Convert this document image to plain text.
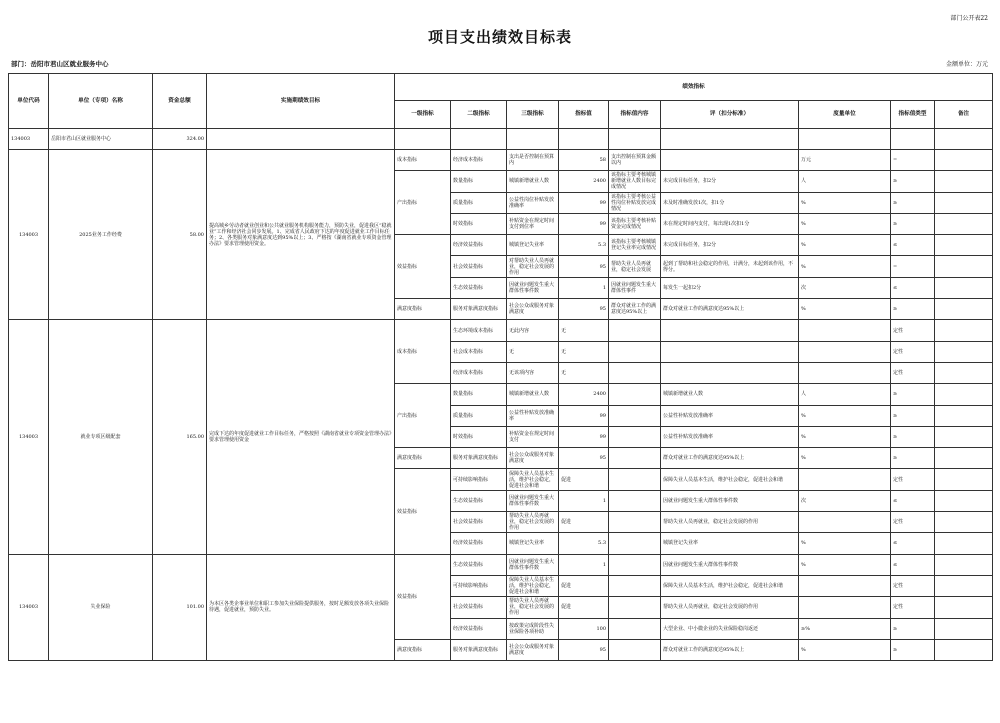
部门公开表22
项目支出绩效目标表
部门：岳阳市君山区就业服务中心	金额单位：万元
单位代码	单位（专项）名称	资金总额	实施期绩效目标	绩效指标								
				一级指标	二级指标	三级指标	指标值	指标值内容	评（扣分标准）	度量单位	指标值类型	备注
134003	岳阳市君山区就业服务中心	324.00										
134003	2025业务工作经费	58.00	提高城乡劳动者就业创业和公共就业服务机构服务能力，预防失业，促进我区“稳就业”工作和经济社会同步发展。1、完成省人民政府下达的年度促进就业工作目标任务；2、各类服务对象满意度达到95%以上；3、严格按《湖南省就业专项资金管理办法》要求管理使用资金。	成本指标	经济成本指标	支出是否控制在预算内	58	支出控制在预算金额以内		万元	=	
				产出指标	数量指标	城镇新增就业人数	2400	该指标主要考核城镇新增就业人数目标完成情况	未完成目标任务，扣2分	人	≥	
					质量指标	公益性岗位补贴发放准确率	99	该指标主要考核公益性岗位补贴发放完成情况	未及时准确发放1次，扣1分	%	≥	
					时效指标	补贴资金在规定时间支付到位率	99	该指标主要考核补贴资金完成情况	未在规定时间内支付，每出现1次扣1分	%	≥	
				效益指标	经济效益指标	城镇登记失业率	5.3	该指标主要考核城镇登记失业率完成情况	未完成目标任务，扣2分	%	≤	
					社会效益指标	对帮助失业人员再就业，稳定社会发展的作用	95	帮助失业人员再就业，稳定社会发展	起到了帮助和社会稳定的作用，计满分，未起到该作用，不得分。	%	=	
					生态效益指标	因就业问题发生重大群体性事件数	1	因就业问题发生重大群体性事件	每发生一起扣2分	次	≤	
				满意度指标	服务对象满意度指标	社会公众或服务对象满意度	95	群众对就业工作的满意度达95%以上	群众对就业工作的满意度达95%以上	%	≥	
134003	就业专项区级配套	165.00	完成下达的年度促进就业工作目标任务，严格按照《湖南省就业专项资金管理办法》要求管理使用资金	成本指标	生态环境成本指标	无此内容	无				定性	
					社会成本指标	无	无				定性	
					经济成本指标	无该项内容	无				定性	
				产出指标	数量指标	城镇新增就业人数	2400		城镇新增就业人数	人	≥	
					质量指标	公益性补贴发放准确率	99		公益性补贴发放准确率	%	≥	
					时效指标	补贴资金在规定时间支付	99		公益性补贴发放准确率	%	≥	
				满意度指标	服务对象满意度指标	社会公众或服务对象满意度	95		群众对就业工作的满意度达95%以上	%	≥	
				效益指标	可持续影响指标	保障失业人员基本生活，维护社会稳定，促进社会和谐	促进		保障失业人员基本生活，维护社会稳定，促进社会和谐		定性	
					生态效益指标	因就业问题发生重大群体性事件数	1		因就业问题发生重大群体性事件数	次	≤	
					社会效益指标	帮助失业人员再就业，稳定社会发展的作用	促进		帮助失业人员再就业，稳定社会发展的作用		定性	
					经济效益指标	城镇登记失业率	5.3		城镇登记失业率	%	≤	
134003	失业保险	101.00	为本区各类企事业单位和职工参加失业保险提供服务，按时足额发放各项失业保险待遇，促进就业，预防失业。	效益指标	生态效益指标	因就业问题发生重大群体性事件数	1		因就业问题发生重大群体性事件数	%	≤	
					可持续影响指标	保障失业人员基本生活，维护社会稳定，促进社会和谐	促进		保障失业人员基本生活，维护社会稳定，促进社会和谐		定性	
					社会效益指标	帮助失业人员再就业，稳定社会发展的作用	促进		帮助失业人员再就业，稳定社会发展的作用		定性	
					经济效益指标	按政策完成阶段性失业保险各项补助	100		大型企业、中小微企业的失业保险稳岗返还	≥%	≥	
				满意度指标	服务对象满意度指标	社会公众或服务对象满意度	95		群众对就业工作的满意度达95%以上	%	≥	
